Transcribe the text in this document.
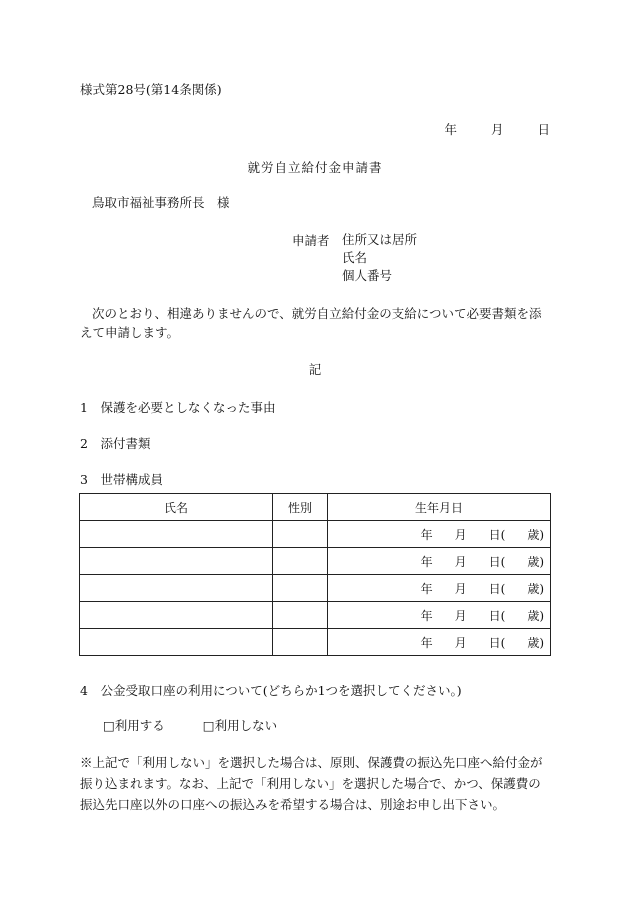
様式第28号(第14条関係)
年	月	日
就労自立給付金申請書
鳥取市福祉事務所長　様
申請者 住所又は居所
氏名
個人番号
次のとおり、相違ありませんので、就労自立給付金の支給について必要書類を添えて申請します。
記
1　保護を必要としなくなった事由
2　添付書類
3　世帯構成員
氏名	性別	生年月日
		年 月 日( 歳)
		年 月 日( 歳)
		年 月 日( 歳)
		年 月 日( 歳)
		年 月 日( 歳)
4　公金受取口座の利用について(どちらか1つを選択してください。)
□利用する	□利用しない
※上記で「利用しない」を選択した場合は、原則、保護費の振込先口座へ給付金が振り込まれます。なお、上記で「利用しない」を選択した場合で、かつ、保護費の振込先口座以外の口座への振込みを希望する場合は、別途お申し出下さい。
